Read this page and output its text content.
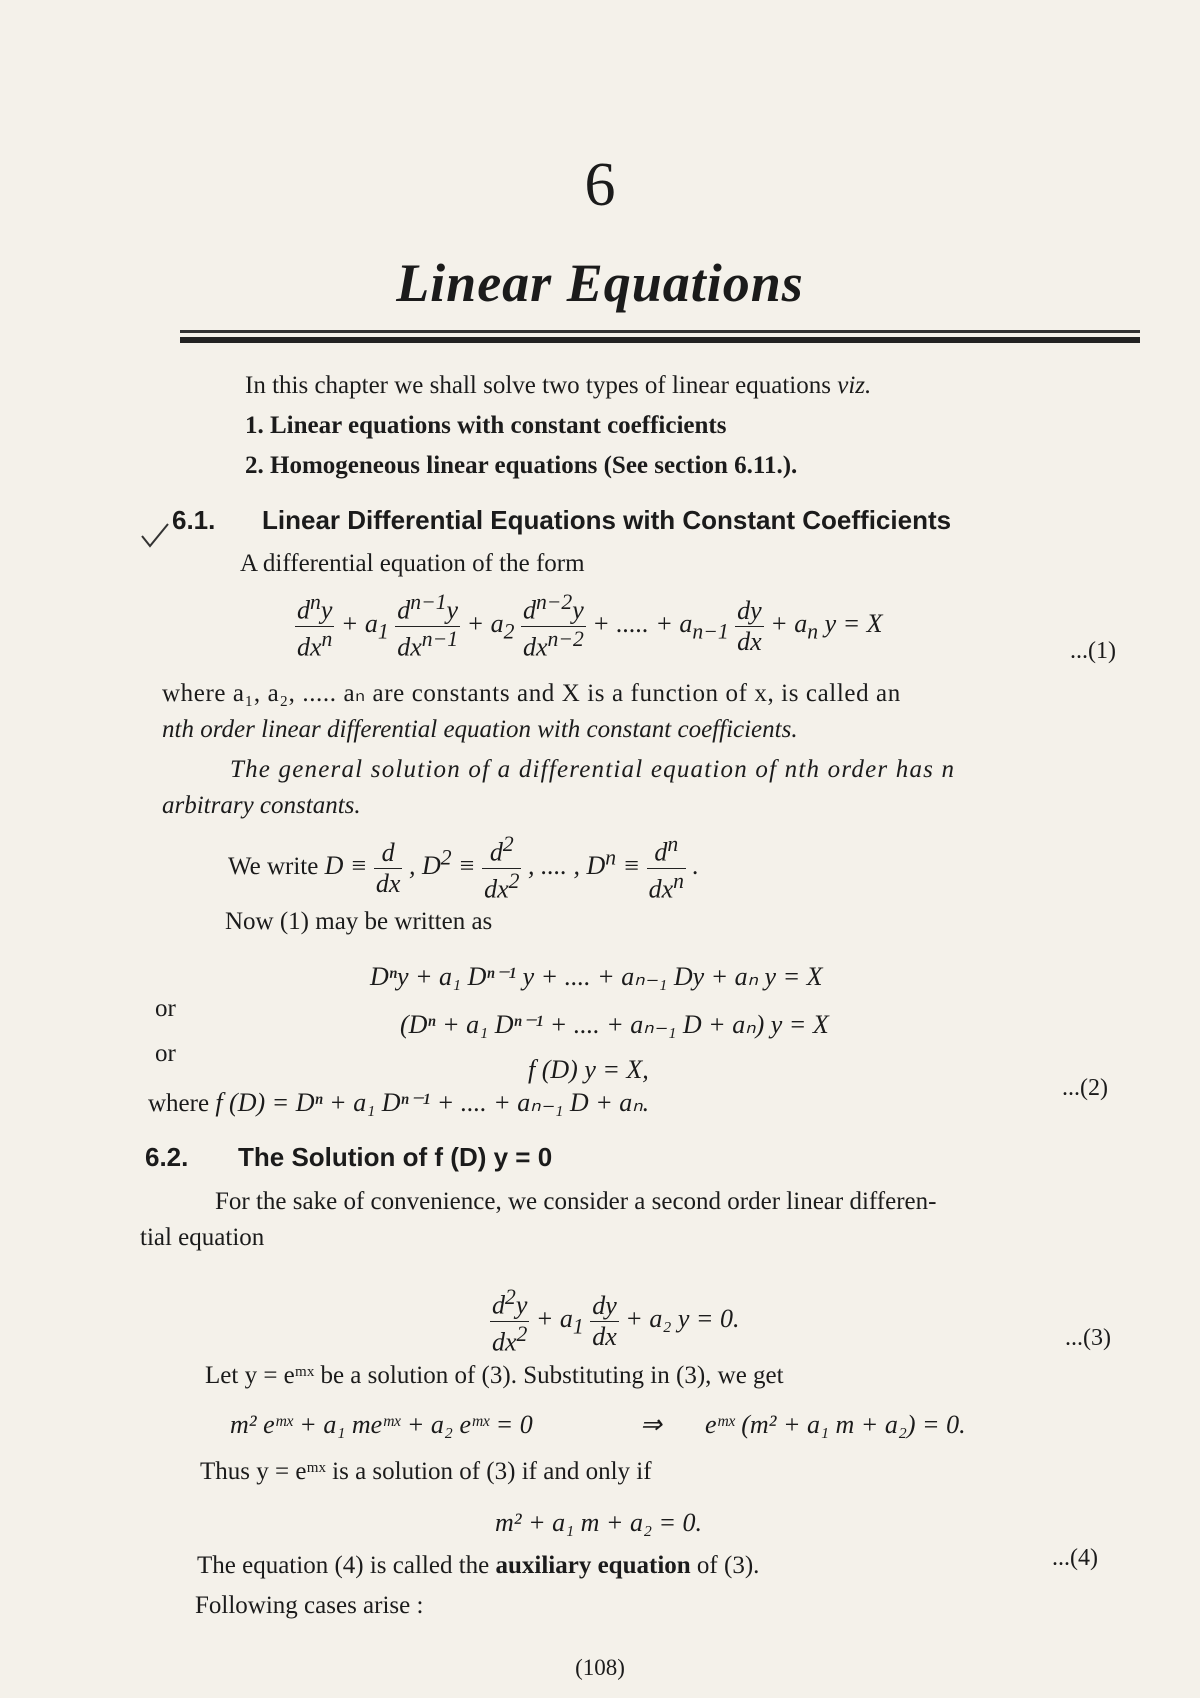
6
Linear Equations
In this chapter we shall solve two types of linear equations viz.
1. Linear equations with constant coefficients
2. Homogeneous linear equations (See section 6.11.).
6.1. Linear Differential Equations with Constant Coefficients
A differential equation of the form
$\frac{d^ny}{dx^n} + a_1 \frac{d^{n-1}y}{dx^{n-1}} + a_2 \frac{d^{n-2}y}{dx^{n-2}}$ + ..... + $a_{n-1} \frac{dy}{dx} + a_n$ y = X
...(1)
where a₁, a₂, ..... aₙ are constants and X is a function of x, is called an
nth order linear differential equation with constant coefficients.
The general solution of a differential equation of nth order has n
arbitrary constants.
We write $D \equiv \frac{d}{dx}$ , $D^2 \equiv \frac{d^2}{dx^2}$ , .... , $D^n \equiv \frac{d^n}{dx^n}$ .
Now (1) may be written as
Dⁿy + a₁ Dⁿ⁻¹ y + .... + aₙ₋₁ Dy + aₙ y = X
or
(Dⁿ + a₁ Dⁿ⁻¹ + .... + aₙ₋₁ D + aₙ) y = X
or
f (D) y = X,
...(2)
where f (D) = Dⁿ + a₁ Dⁿ⁻¹ + .... + aₙ₋₁ D + aₙ.
6.2. The Solution of f (D) y = 0
For the sake of convenience, we consider a second order linear differen-
tial equation
$\frac{d^2y}{dx^2} + a_1 \frac{dy}{dx} + a_2$ y = 0.
...(3)
Let y = eᵐˣ be a solution of (3). Substituting in (3), we get
m² eᵐˣ + a₁ meᵐˣ + a₂ eᵐˣ = 0	⇒ eᵐˣ (m² + a₁ m + a₂) = 0.
Thus y = eᵐˣ is a solution of (3) if and only if
m² + a₁ m + a₂ = 0.
...(4)
The equation (4) is called the auxiliary equation of (3).
Following cases arise :
(108)
